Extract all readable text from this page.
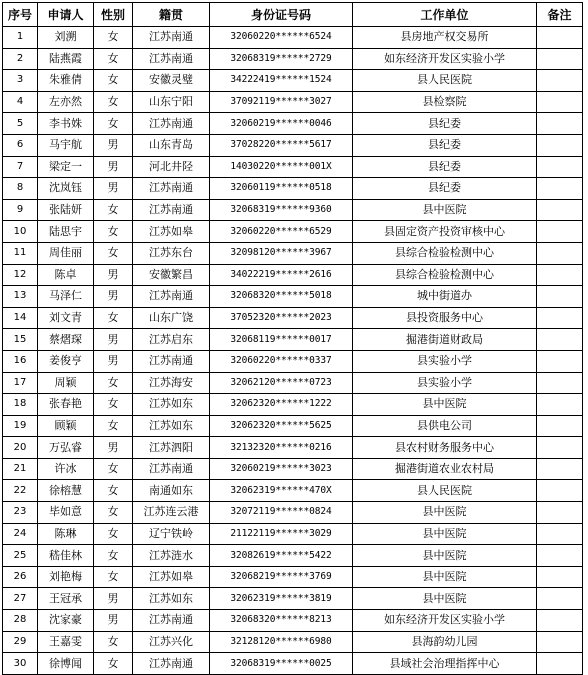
序号	申请人	性别	籍贯	身份证号码	工作单位	备注
1	刘溯	女	江苏南通	32060220******6524	县房地产权交易所	
2	陆燕霞	女	江苏南通	32068319******2729	如东经济开发区实验小学	
3	朱雅倩	女	安徽灵璧	34222419******1524	县人民医院	
4	左亦然	女	山东宁阳	37092119******3027	县检察院	
5	李书姝	女	江苏南通	32060219******0046	县纪委	
6	马宇航	男	山东青岛	37028220******5617	县纪委	
7	梁定一	男	河北井陉	14030220******001X	县纪委	
8	沈岚钰	男	江苏南通	32060119******0518	县纪委	
9	张陆妍	女	江苏南通	32068319******9360	县中医院	
10	陆思宇	女	江苏如皋	32060220******6529	县固定资产投资审核中心	
11	周佳丽	女	江苏东台	32098120******3967	县综合检验检测中心	
12	陈卓	男	安徽繁昌	34022219******2616	县综合检验检测中心	
13	马泽仁	男	江苏南通	32068320******5018	城中街道办	
14	刘文青	女	山东广饶	37052320******2023	县投资服务中心	
15	蔡熠琛	男	江苏启东	32068119******0017	掘港街道财政局	
16	姜俊亨	男	江苏南通	32060220******0337	县实验小学	
17	周颖	女	江苏海安	32062120******0723	县实验小学	
18	张春艳	女	江苏如东	32062320******1222	县中医院	
19	顾颖	女	江苏如东	32062320******5625	县供电公司	
20	万弘睿	男	江苏泗阳	32132320******0216	县农村财务服务中心	
21	许冰	女	江苏南通	32060219******3023	掘港街道农业农村局	
22	徐榕慧	女	南通如东	32062319******470X	县人民医院	
23	毕如意	女	江苏连云港	32072119******0824	县中医院	
24	陈琳	女	辽宁铁岭	21122119******3029	县中医院	
25	嵇佳林	女	江苏涟水	32082619******5422	县中医院	
26	刘艳梅	女	江苏如皋	32068219******3769	县中医院	
27	王冠承	男	江苏如东	32062319******3819	县中医院	
28	沈家豪	男	江苏南通	32068320******8213	如东经济开发区实验小学	
29	王嘉雯	女	江苏兴化	32128120******6980	县海韵幼儿园	
30	徐博闻	女	江苏南通	32068319******0025	县域社会治理指挥中心	
